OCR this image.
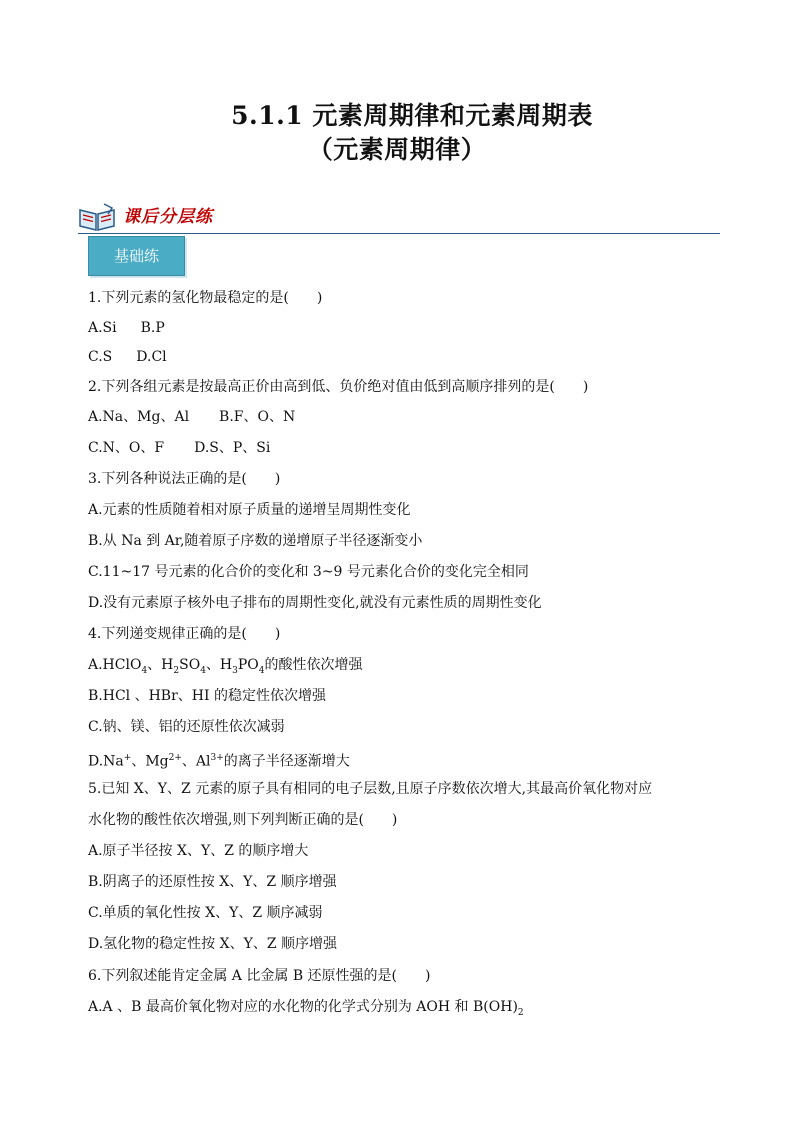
5.1.1 元素周期律和元素周期表
（元素周期律）
课后分层练
基础练
1.下列元素的氢化物最稳定的是(　　)
A.Si B.P
C.S D.Cl
2.下列各组元素是按最高正价由高到低、负价绝对值由低到高顺序排列的是(　　)
A.Na、Mg、Al B.F、O、N
C.N、O、F D.S、P、Si
3.下列各种说法正确的是(　　)
A.元素的性质随着相对原子质量的递增呈周期性变化
B.从 Na 到 Ar,随着原子序数的递增原子半径逐渐变小
C.11~17 号元素的化合价的变化和 3~9 号元素化合价的变化完全相同
D.没有元素原子核外电子排布的周期性变化,就没有元素性质的周期性变化
4.下列递变规律正确的是(　　)
A.HClO$_4$、$H_2SO_4$、$H_3PO_4$的酸性依次增强
B.HCl 、HBr、HI 的稳定性依次增强
C.钠、镁、铝的还原性依次减弱
D.Na+、$Mg^{2+}$、$Al^{3+}$的离子半径逐渐增大
5.已知 X、Y、Z 元素的原子具有相同的电子层数,且原子序数依次增大,其最高价氧化物对应
水化物的酸性依次增强,则下列判断正确的是(　　)
A.原子半径按 X、Y、Z 的顺序增大
B.阴离子的还原性按 X、Y、Z 顺序增强
C.单质的氧化性按 X、Y、Z 顺序减弱
D.氢化物的稳定性按 X、Y、Z 顺序增强
6.下列叙述能肯定金属 A 比金属 B 还原性强的是(　　)
A.A 、B 最高价氧化物对应的水化物的化学式分别为 AOH 和 $B(OH)_2$
